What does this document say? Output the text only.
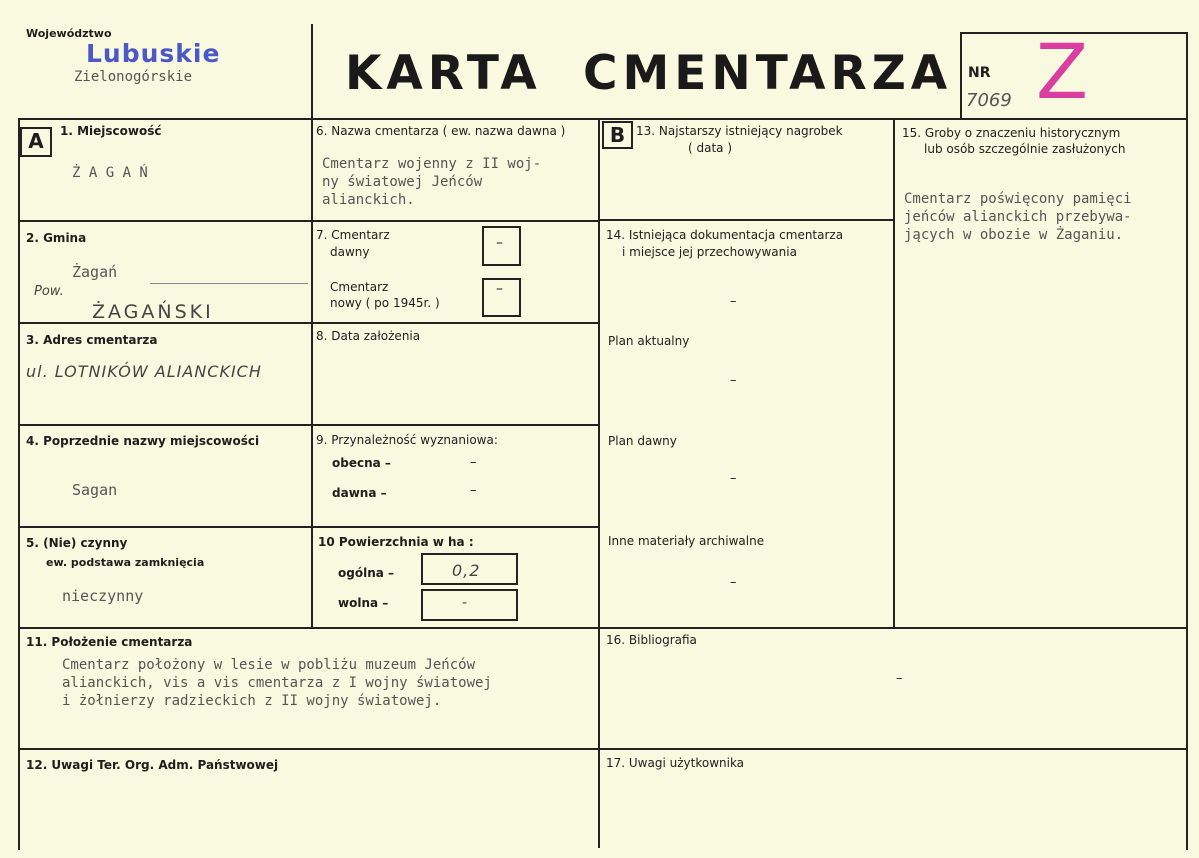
Województwo
Lubuskie
Zielonogórskie	KARTA CMENTARZA NR
7069 Z
A	B
1. Miejscowość
Ż A G A Ń
2. Gmina
Żagań
Pow.
ŻAGAŃSKI
3. Adres cmentarza
ul. LOTNIKÓW ALIANCKICH
4. Poprzednie nazwy miejscowości
Sagan
5. (Nie) czynny
ew. podstawa zamknięcia
nieczynny
6. Nazwa cmentarza ( ew. nazwa dawna )
Cmentarz wojenny z II woj-
ny światowej Jeńców
alianckich.
7. Cmentarz
dawny
–
Cmentarz
nowy ( po 1945r. )
–
8. Data założenia
9. Przynależność wyznaniowa:
obecna –	–
dawna –	–
10 Powierzchnia w ha :
ogólna –	0,2
wolna –	-
11. Położenie cmentarza
Cmentarz położony w lesie w pobliżu muzeum Jeńców
alianckich, vis a vis cmentarza z I wojny światowej
i żołnierzy radzieckich z II wojny światowej.
12. Uwagi Ter. Org. Adm. Państwowej
13. Najstarszy istniejący nagrobek
( data )
14. Istniejąca dokumentacja cmentarza
i miejsce jej przechowywania
–
Plan aktualny
–
Plan dawny
–
Inne materiały archiwalne
–
15. Groby o znaczeniu historycznym
lub osób szczególnie zasłużonych
Cmentarz poświęcony pamięci
jeńców alianckich przebywa-
jących w obozie w Żaganiu.
16. Bibliografia
–
17. Uwagi użytkownika
